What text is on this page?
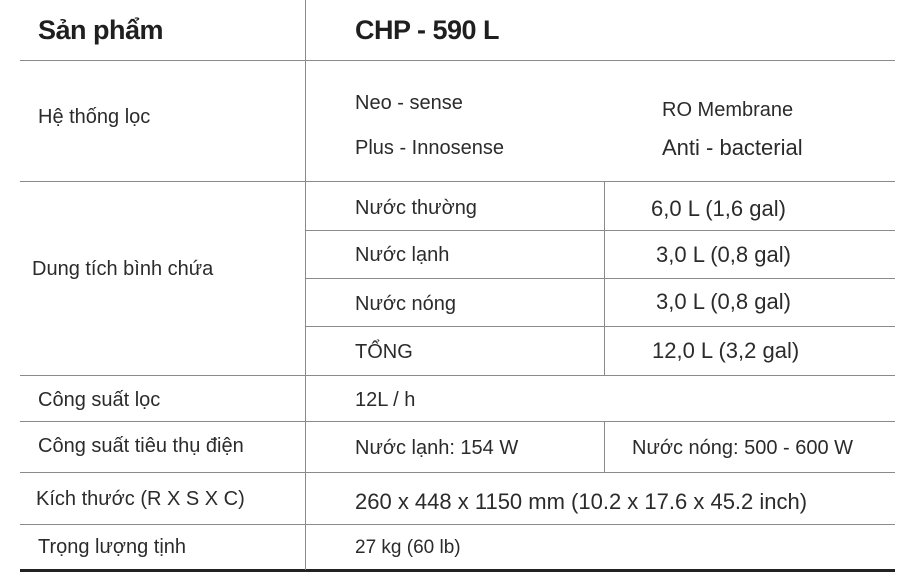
Sản phẩm	CHP - 590 L
Hệ thống lọc
Neo - sense	RO Membrane
Plus - Innosense	Anti - bacterial
Dung tích bình chứa
Nước thường	6,0 L (1,6 gal)
Nước lạnh	3,0 L (0,8 gal)
Nước nóng	3,0 L (0,8 gal)
TỔNG	12,0 L (3,2 gal)
Công suất lọc	12L / h
Công suất tiêu thụ điện	Nước lạnh: 154 W	Nước nóng: 500 - 600 W
Kích thước (R X S X C)	260 x 448 x 1150 mm (10.2 x 17.6 x 45.2 inch)
Trọng lượng tịnh	27 kg (60 lb)
